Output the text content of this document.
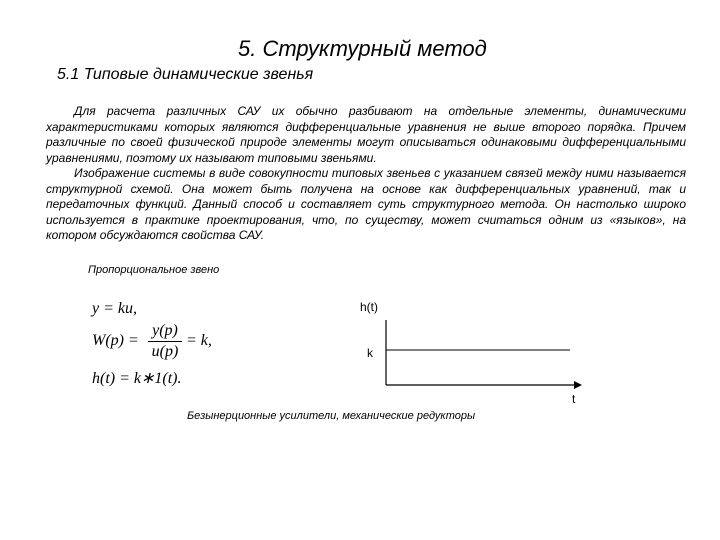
5. Структурный метод
5.1 Типовые динамические звенья
Для расчета различных САУ их обычно разбивают на отдельные элементы, динамическими характеристиками которых являются дифференциальные уравнения не выше второго порядка. Причем различные по своей физической природе элементы могут описываться одинаковыми дифференциальными уравнениями, поэтому их называют типовыми звеньями.
Изображение системы в виде совокупности типовых звеньев с указанием связей между ними называется структурной схемой. Она может быть получена на основе как дифференциальных уравнений, так и передаточных функций. Данный способ и составляет суть структурного метода. Он настолько широко используется в практике проектирования, что, по существу, может считаться одним из «языков», на котором обсуждаются свойства САУ.
Пропорциональное звено
y = ku,
W(p) =
y(p)
u(p)
= k,
h(t) = k∗1(t).
h(t)
k
t
Безынерционные усилители, механические редукторы
